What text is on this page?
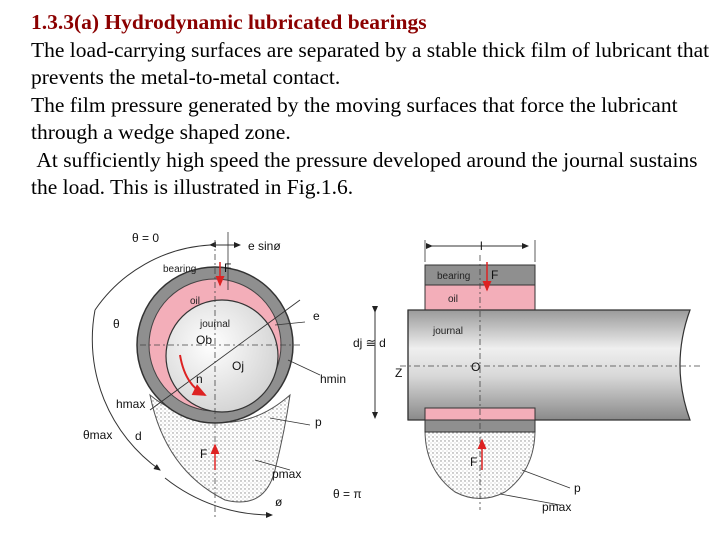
1.3.3(a) Hydrodynamic lubricated bearings
The load-carrying surfaces are separated by a stable thick film of lubricant that prevents the metal-to-metal contact.
The film pressure generated by the moving surfaces that force the lubricant through a wedge shaped zone.
At sufficiently high speed the pressure developed around the journal sustains the load. This is illustrated in Fig.1.6.
θ = 0
e sinø
bearing F
oil
journal
e
θ
Ob
Oj
n	hmin
hmax
p
θmax d
F
pmax
θ = π
ø
l
bearing F
oil
journal
dj ≅ d
Z	O
F
p
pmax
